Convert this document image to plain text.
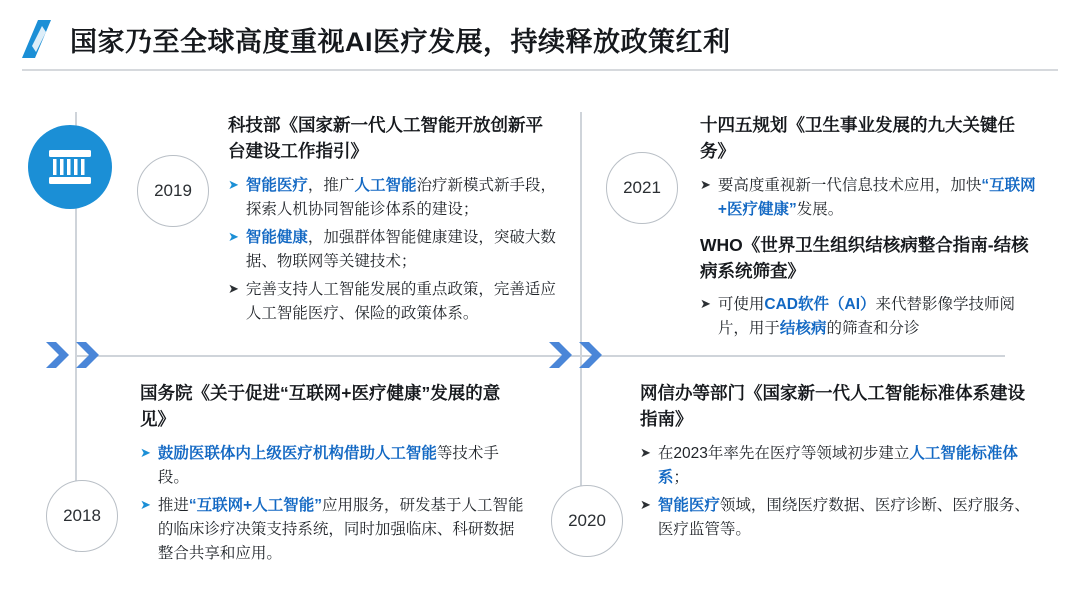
国家乃至全球高度重视AI医疗发展，持续释放政策红利
2019	2021
2018	2020
科技部《国家新一代人工智能开放创新平台建设工作指引》
➤ 智能医疗，推广人工智能治疗新模式新手段，探索人机协同智能诊体系的建设；
➤ 智能健康，加强群体智能健康建设，突破大数据、物联网等关键技术；
➤ 完善支持人工智能发展的重点政策，完善适应人工智能医疗、保险的政策体系。
十四五规划《卫生事业发展的九大关键任务》
➤ 要高度重视新一代信息技术应用，加快“互联网+医疗健康”发展。
WHO《世界卫生组织结核病整合指南-结核病系统筛查》
➤ 可使用CAD软件（AI）来代替影像学技师阅片，用于结核病的筛查和分诊
国务院《关于促进“互联网+医疗健康”发展的意见》
➤ 鼓励医联体内上级医疗机构借助人工智能等技术手段。
➤ 推进“互联网+人工智能”应用服务，研发基于人工智能的临床诊疗决策支持系统，同时加强临床、科研数据整合共享和应用。
网信办等部门《国家新一代人工智能标准体系建设指南》
➤ 在2023年率先在医疗等领域初步建立人工智能标准体系；
➤ 智能医疗领域，围绕医疗数据、医疗诊断、医疗服务、医疗监管等。
